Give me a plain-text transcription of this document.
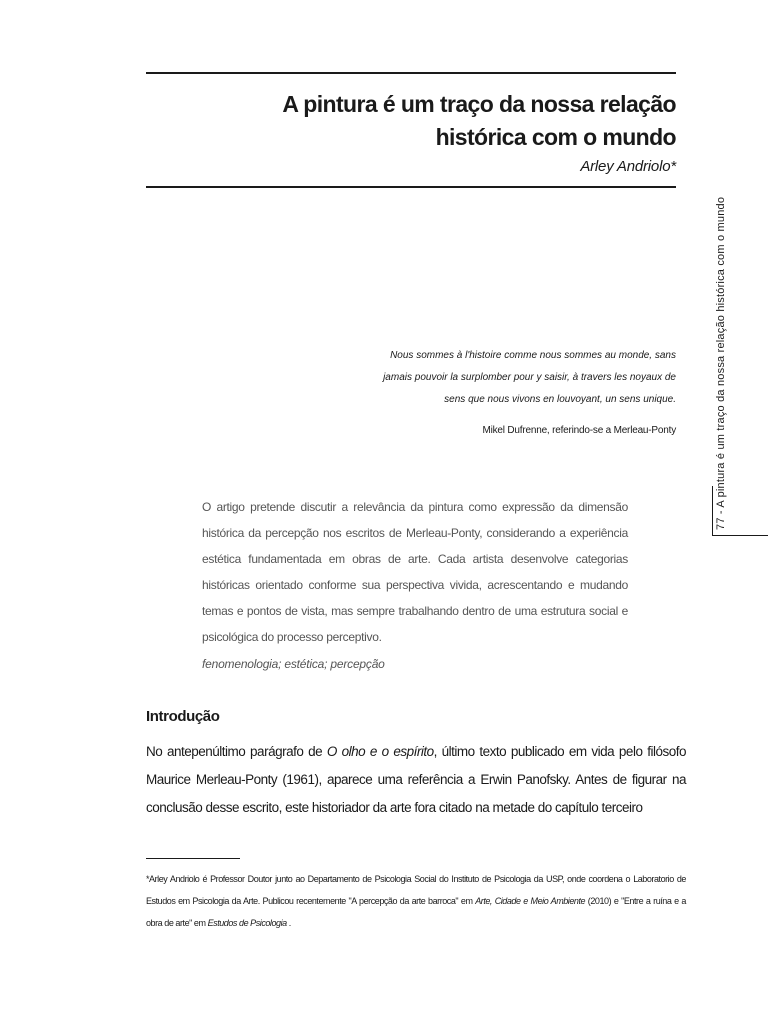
A pintura é um traço da nossa relação
histórica com o mundo
Arley Andriolo*
Nous sommes à l'histoire comme nous sommes au monde, sans
jamais pouvoir la surplomber pour y saisir, à travers les noyaux de
sens que nous vivons en louvoyant, un sens unique.
Mikel Dufrenne, referindo-se a Merleau-Ponty
O artigo pretende discutir a relevância da pintura como expressão da dimensão histórica da percepção nos escritos de Merleau-Ponty, considerando a experiência estética fundamentada em obras de arte. Cada artista desenvolve categorias históricas orientado conforme sua perspectiva vivida, acrescentando e mudando temas e pontos de vista, mas sempre trabalhando dentro de uma estrutura social e psicológica do processo perceptivo.
fenomenologia; estética; percepção
Introdução
No antepenúltimo parágrafo de O olho e o espírito, último texto publicado em vida pelo filósofo Maurice Merleau-Ponty (1961), aparece uma referência a Erwin Panofsky. Antes de figurar na conclusão desse escrito, este historiador da arte fora citado na metade do capítulo terceiro
*Arley Andriolo é Professor Doutor junto ao Departamento de Psicologia Social do Instituto de Psicologia da USP, onde coordena o Laboratorio de Estudos em Psicologia da Arte. Publicou recentemente "A percepção da arte barroca" em Arte, Cidade e Meio Ambiente (2010) e "Entre a ruína e a obra de arte" em Estudos de Psicologia .
77 - A pintura é um traço da nossa relação histórica com o mundo
